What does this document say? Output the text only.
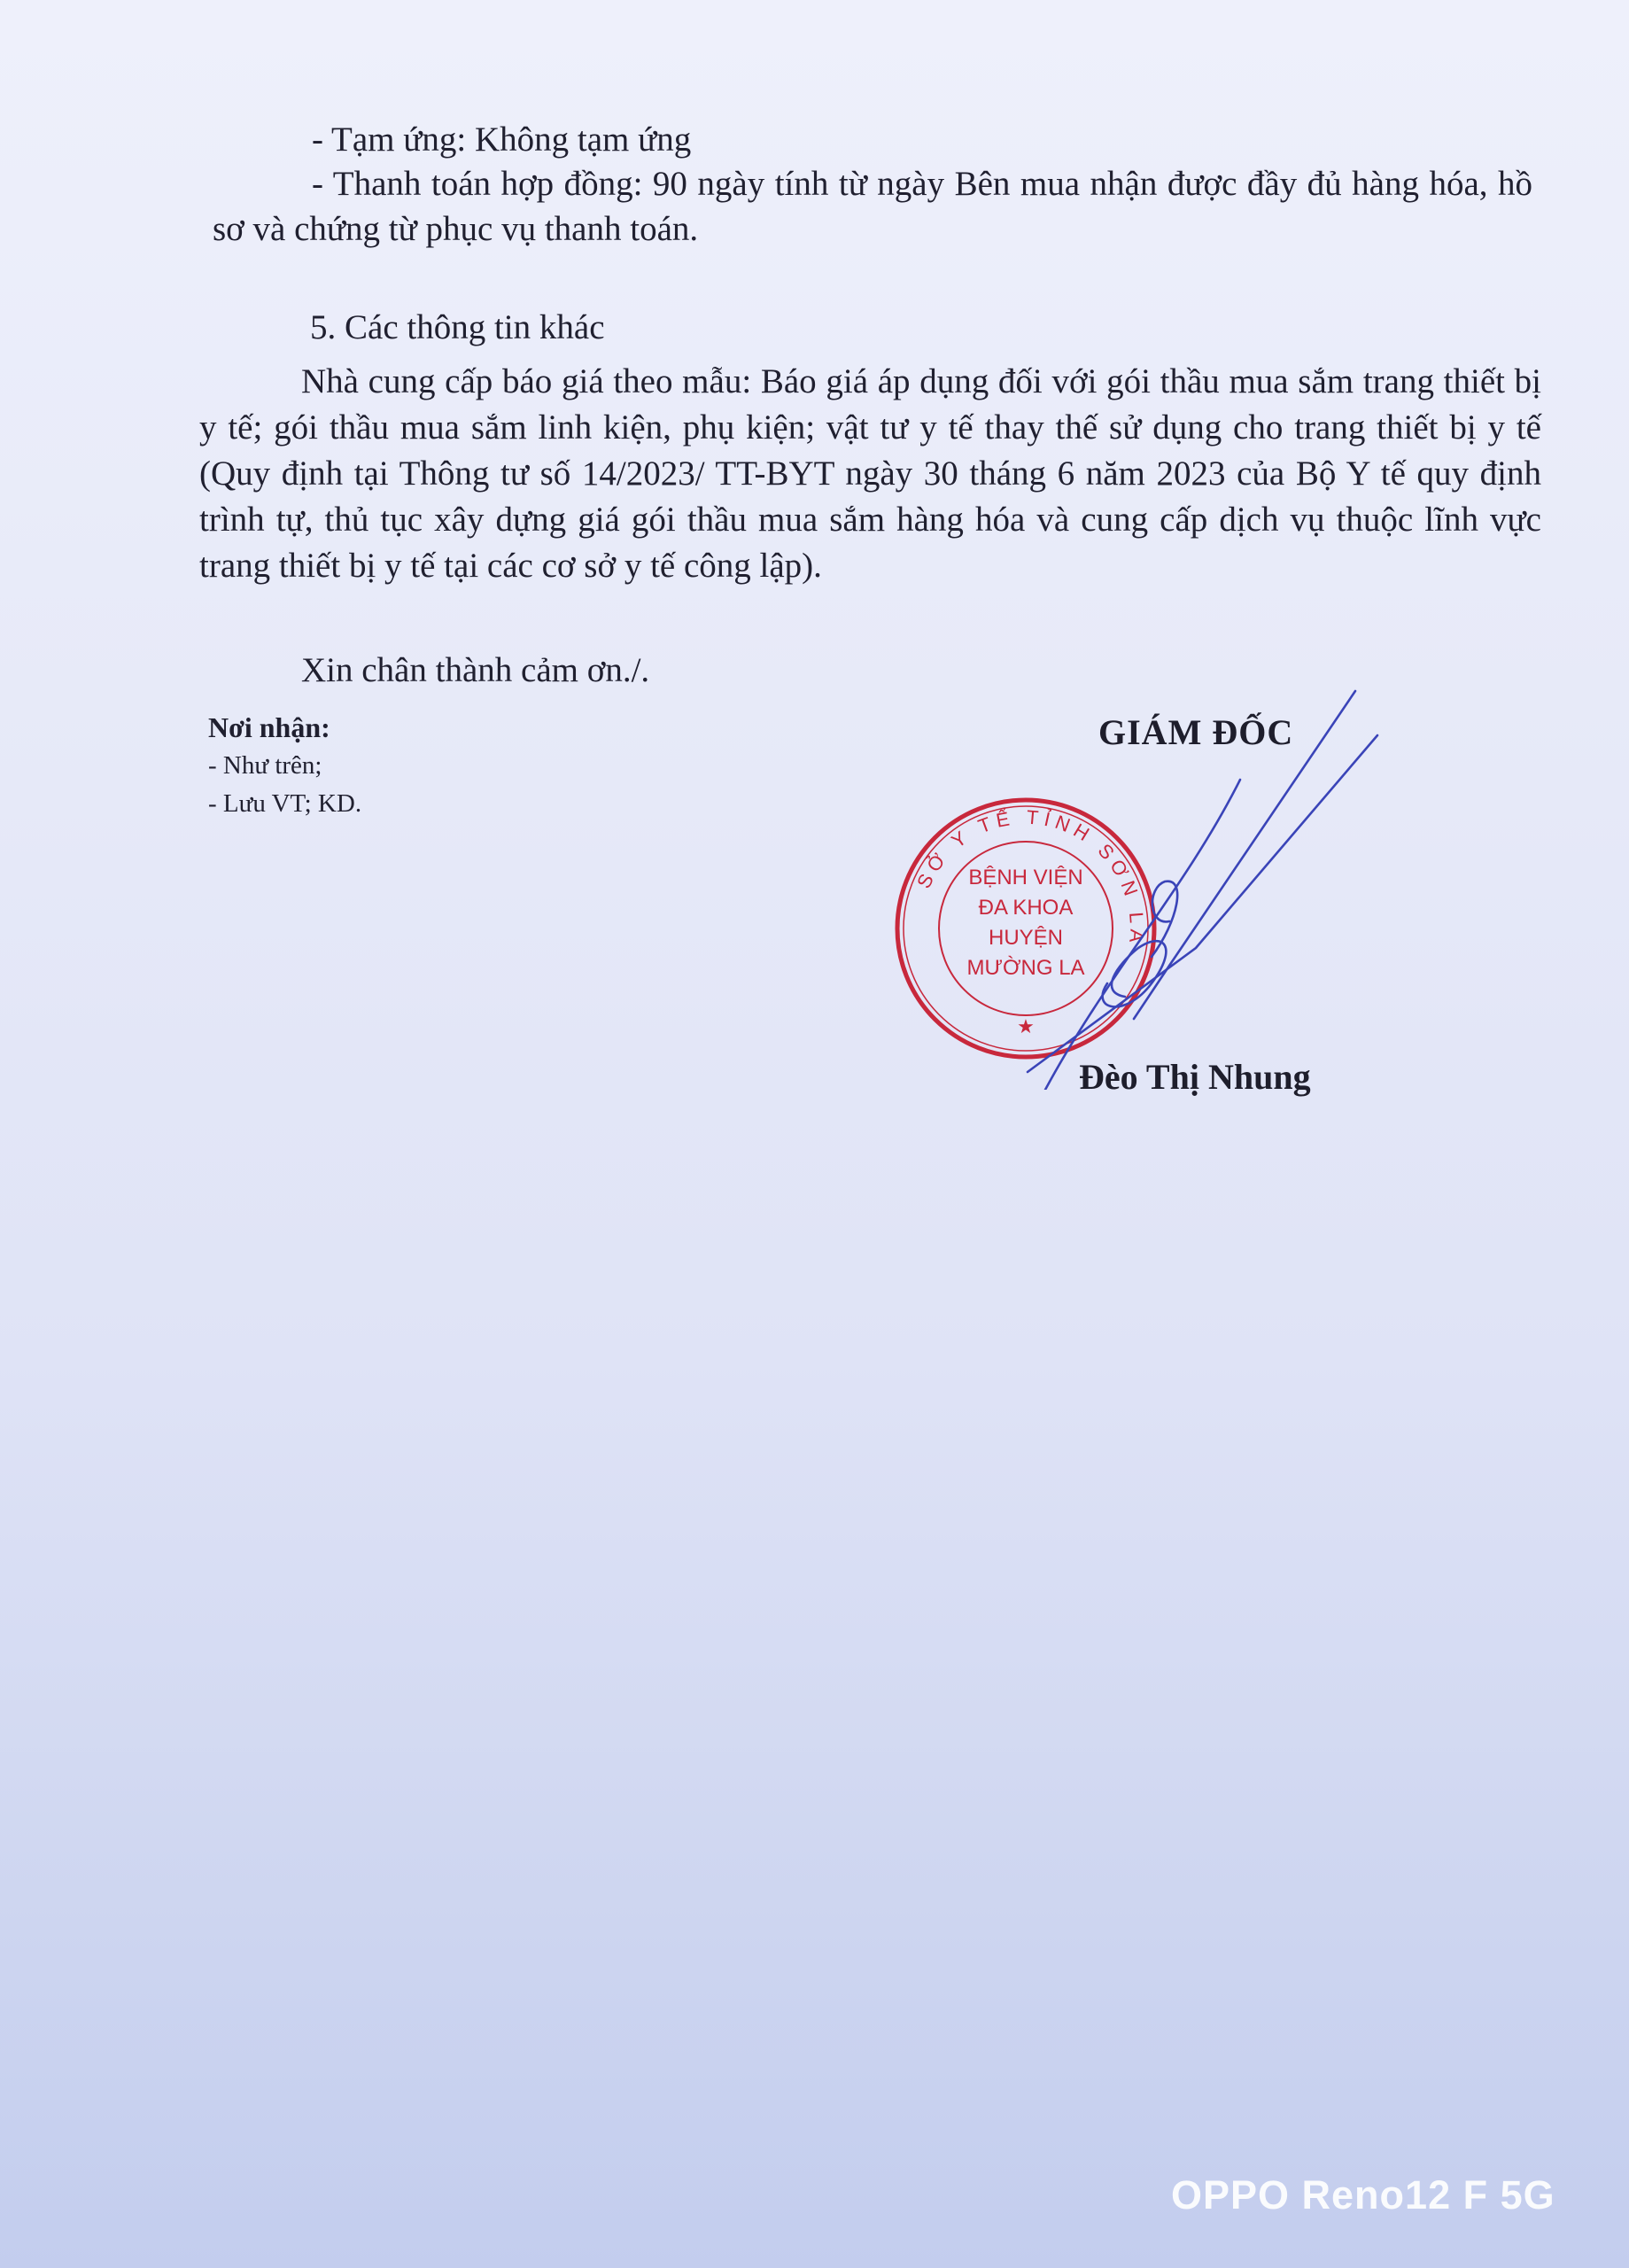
- Tạm ứng: Không tạm ứng
- Thanh toán hợp đồng: 90 ngày tính từ ngày Bên mua nhận được đầy đủ hàng hóa, hồ sơ và chứng từ phục vụ thanh toán.
5. Các thông tin khác
Nhà cung cấp báo giá theo mẫu: Báo giá áp dụng đối với gói thầu mua sắm trang thiết bị y tế; gói thầu mua sắm linh kiện, phụ kiện; vật tư y tế thay thế sử dụng cho trang thiết bị y tế (Quy định tại Thông tư số 14/2023/ TT-BYT ngày 30 tháng 6 năm 2023 của Bộ Y tế quy định trình tự, thủ tục xây dựng giá gói thầu mua sắm hàng hóa và cung cấp dịch vụ thuộc lĩnh vực trang thiết bị y tế tại các cơ sở y tế công lập).
Xin chân thành cảm ơn./.
Nơi nhận:
- Như trên;
- Lưu VT; KD.
GIÁM ĐỐC
SỞ Y TẾ TỈNH SƠN LA
BỆNH VIỆN
ĐA KHOA
HUYỆN
MƯỜNG LA
★
Đèo Thị Nhung
OPPO Reno12 F 5G
